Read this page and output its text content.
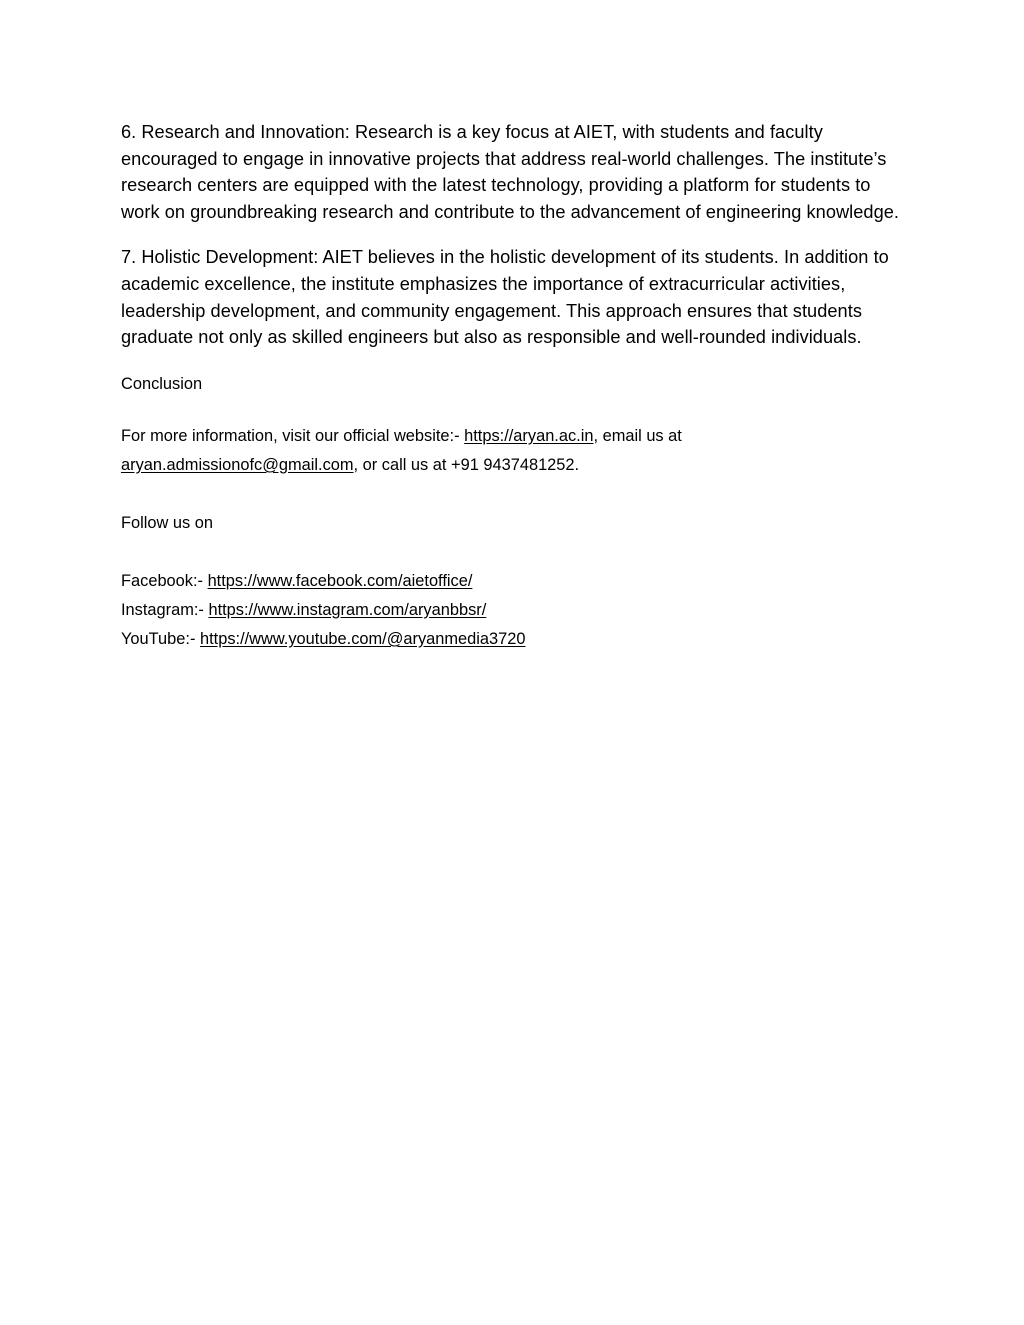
6. Research and Innovation: Research is a key focus at AIET, with students and faculty encouraged to engage in innovative projects that address real-world challenges. The institute’s research centers are equipped with the latest technology, providing a platform for students to work on groundbreaking research and contribute to the advancement of engineering knowledge.

7. Holistic Development: AIET believes in the holistic development of its students. In addition to academic excellence, the institute emphasizes the importance of extracurricular activities, leadership development, and community engagement. This approach ensures that students graduate not only as skilled engineers but also as responsible and well-rounded individuals.

Conclusion

For more information, visit our official website:- https://aryan.ac.in, email us at
aryan.admissionofc@gmail.com, or call us at +91 9437481252.

Follow us on

Facebook:- https://www.facebook.com/aietoffice/
Instagram:- https://www.instagram.com/aryanbbsr/
YouTube:- https://www.youtube.com/@aryanmedia3720
